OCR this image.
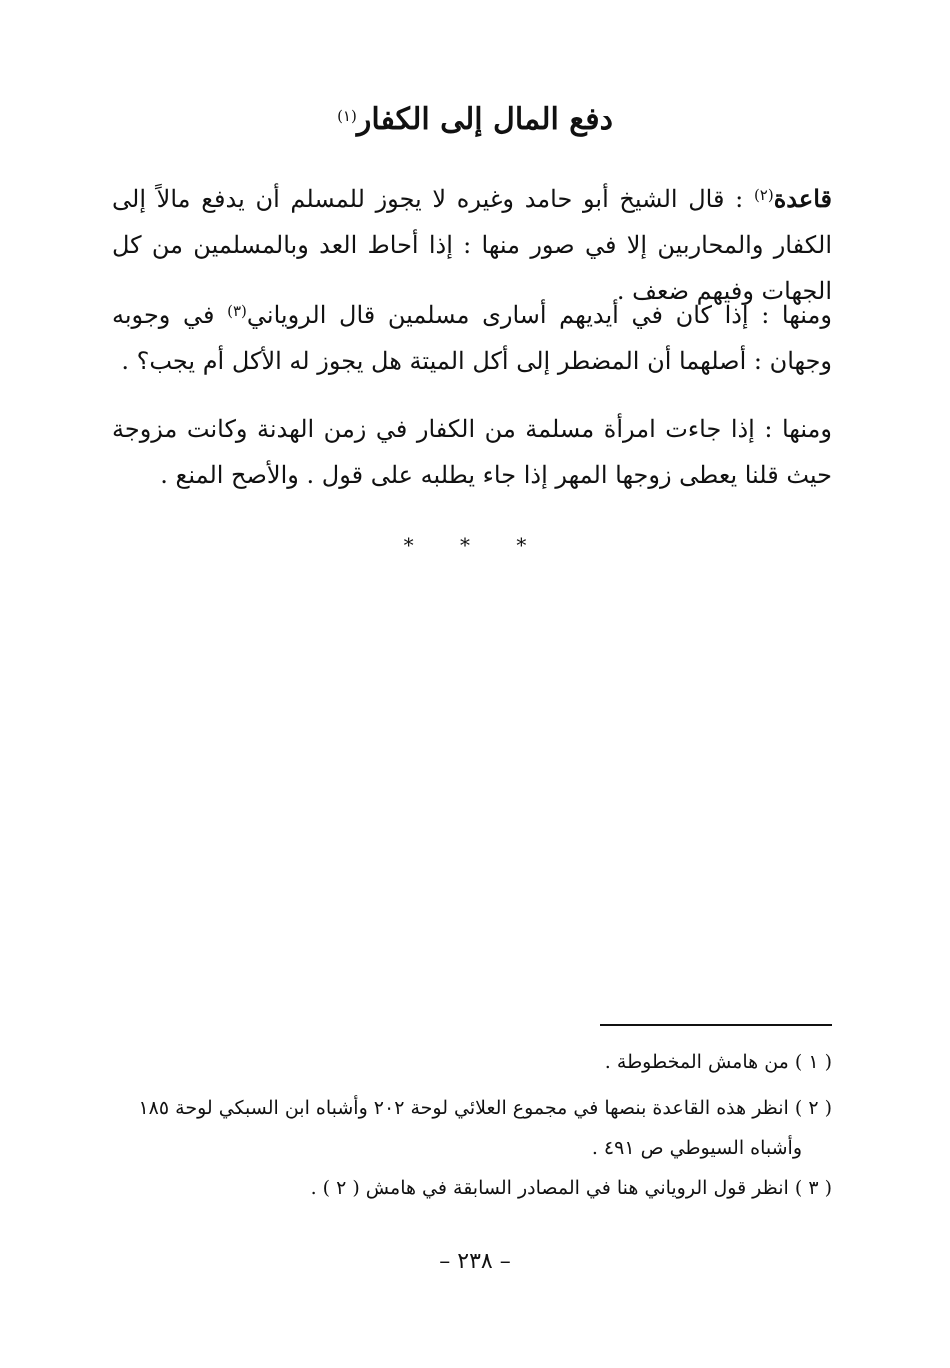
دفع المال إلى الكفار$^{(١)}$
قاعدة$^{(٢)}$ : قال الشيخ أبو حامد وغيره لا يجوز للمسلم أن يدفع مالاً إلى الكفار والمحاربين إلا في صور منها : إذا أحاط العد وبالمسلمين من كل الجهات وفيهم ضعف .
ومنها : إذا كان في أيديهم أسارى مسلمين قال الروياني$^{(٣)}$ في وجوبه وجهان : أصلهما أن المضطر إلى أكل الميتة هل يجوز له الأكل أم يجب؟ .
ومنها : إذا جاءت امرأة مسلمة من الكفار في زمن الهدنة وكانت مزوجة حيث قلنا يعطى زوجها المهر إذا جاء يطلبه على قول . والأصح المنع .
* * *
( ١ ) من هامش المخطوطة .
( ٢ ) انظر هذه القاعدة بنصها في مجموع العلائي لوحة ٢٠٢ وأشباه ابن السبكي لوحة ١٨٥
وأشباه السيوطي ص ٤٩١ .
( ٣ ) انظر قول الروياني هنا في المصادر السابقة في هامش ( ٢ ) .
– ٢٣٨ –
